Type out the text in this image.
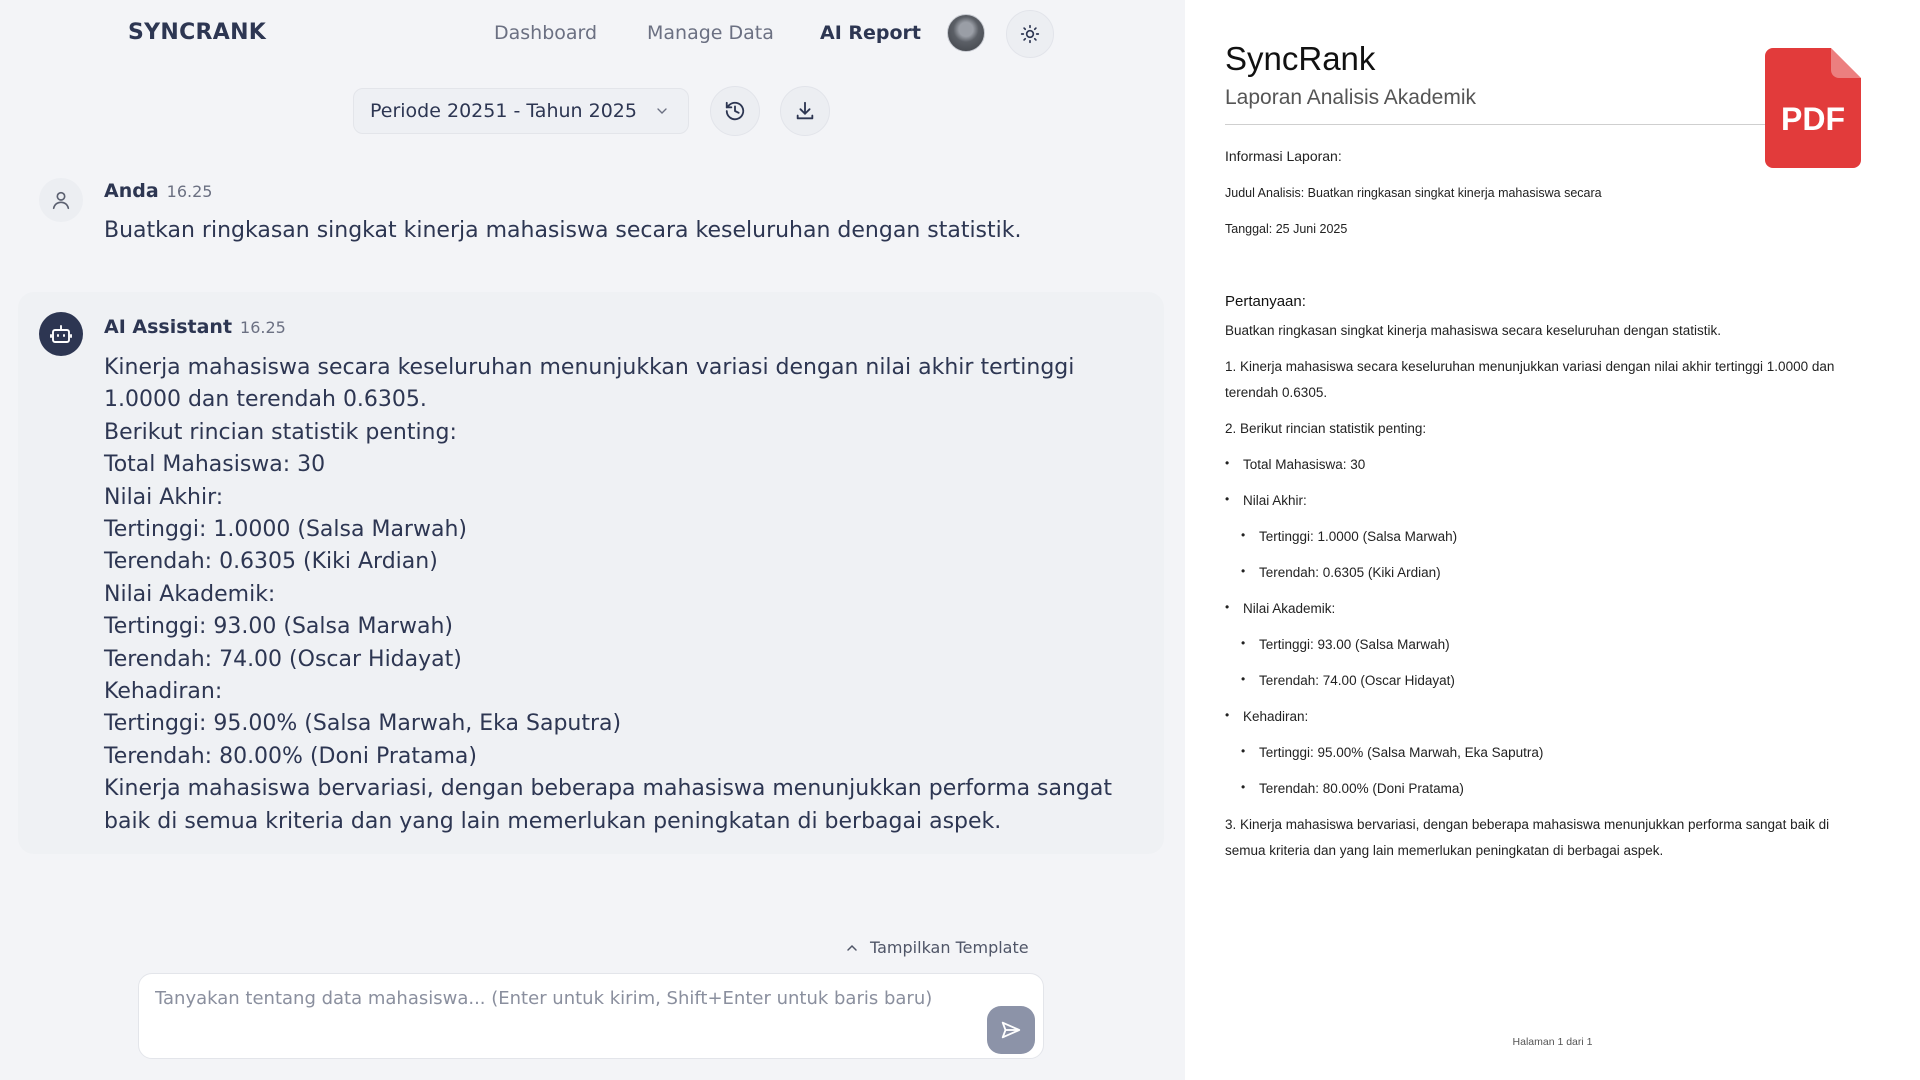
SYNCRANK	Dashboard	Manage Data AI Report
Periode 20251 - Tahun 2025
Anda 16.25
Buatkan ringkasan singkat kinerja mahasiswa secara keseluruhan dengan statistik.
AI Assistant 16.25
Kinerja mahasiswa secara keseluruhan menunjukkan variasi dengan nilai akhir tertinggi 1.0000 dan terendah 0.6305.
Berikut rincian statistik penting:
Total Mahasiswa: 30
Nilai Akhir:
Tertinggi: 1.0000 (Salsa Marwah)
Terendah: 0.6305 (Kiki Ardian)
Nilai Akademik:
Tertinggi: 93.00 (Salsa Marwah)
Terendah: 74.00 (Oscar Hidayat)
Kehadiran:
Tertinggi: 95.00% (Salsa Marwah, Eka Saputra)
Terendah: 80.00% (Doni Pratama)
Kinerja mahasiswa bervariasi, dengan beberapa mahasiswa menunjukkan performa sangat baik di semua kriteria dan yang lain memerlukan peningkatan di berbagai aspek.
Tampilkan Template
Tanyakan tentang data mahasiswa... (Enter untuk kirim, Shift+Enter untuk baris baru)
SyncRank
Laporan Analisis Akademik
PDF
Informasi Laporan:
Judul Analisis: Buatkan ringkasan singkat kinerja mahasiswa secara
Tanggal: 25 Juni 2025
Pertanyaan:
Buatkan ringkasan singkat kinerja mahasiswa secara keseluruhan dengan statistik.
1. Kinerja mahasiswa secara keseluruhan menunjukkan variasi dengan nilai akhir tertinggi 1.0000 dan terendah 0.6305.
2. Berikut rincian statistik penting:
• Total Mahasiswa: 30
• Nilai Akhir:
• Tertinggi: 1.0000 (Salsa Marwah)
• Terendah: 0.6305 (Kiki Ardian)
• Nilai Akademik:
• Tertinggi: 93.00 (Salsa Marwah)
• Terendah: 74.00 (Oscar Hidayat)
• Kehadiran:
• Tertinggi: 95.00% (Salsa Marwah, Eka Saputra)
• Terendah: 80.00% (Doni Pratama)
3. Kinerja mahasiswa bervariasi, dengan beberapa mahasiswa menunjukkan performa sangat baik di semua kriteria dan yang lain memerlukan peningkatan di berbagai aspek.
Halaman 1 dari 1
